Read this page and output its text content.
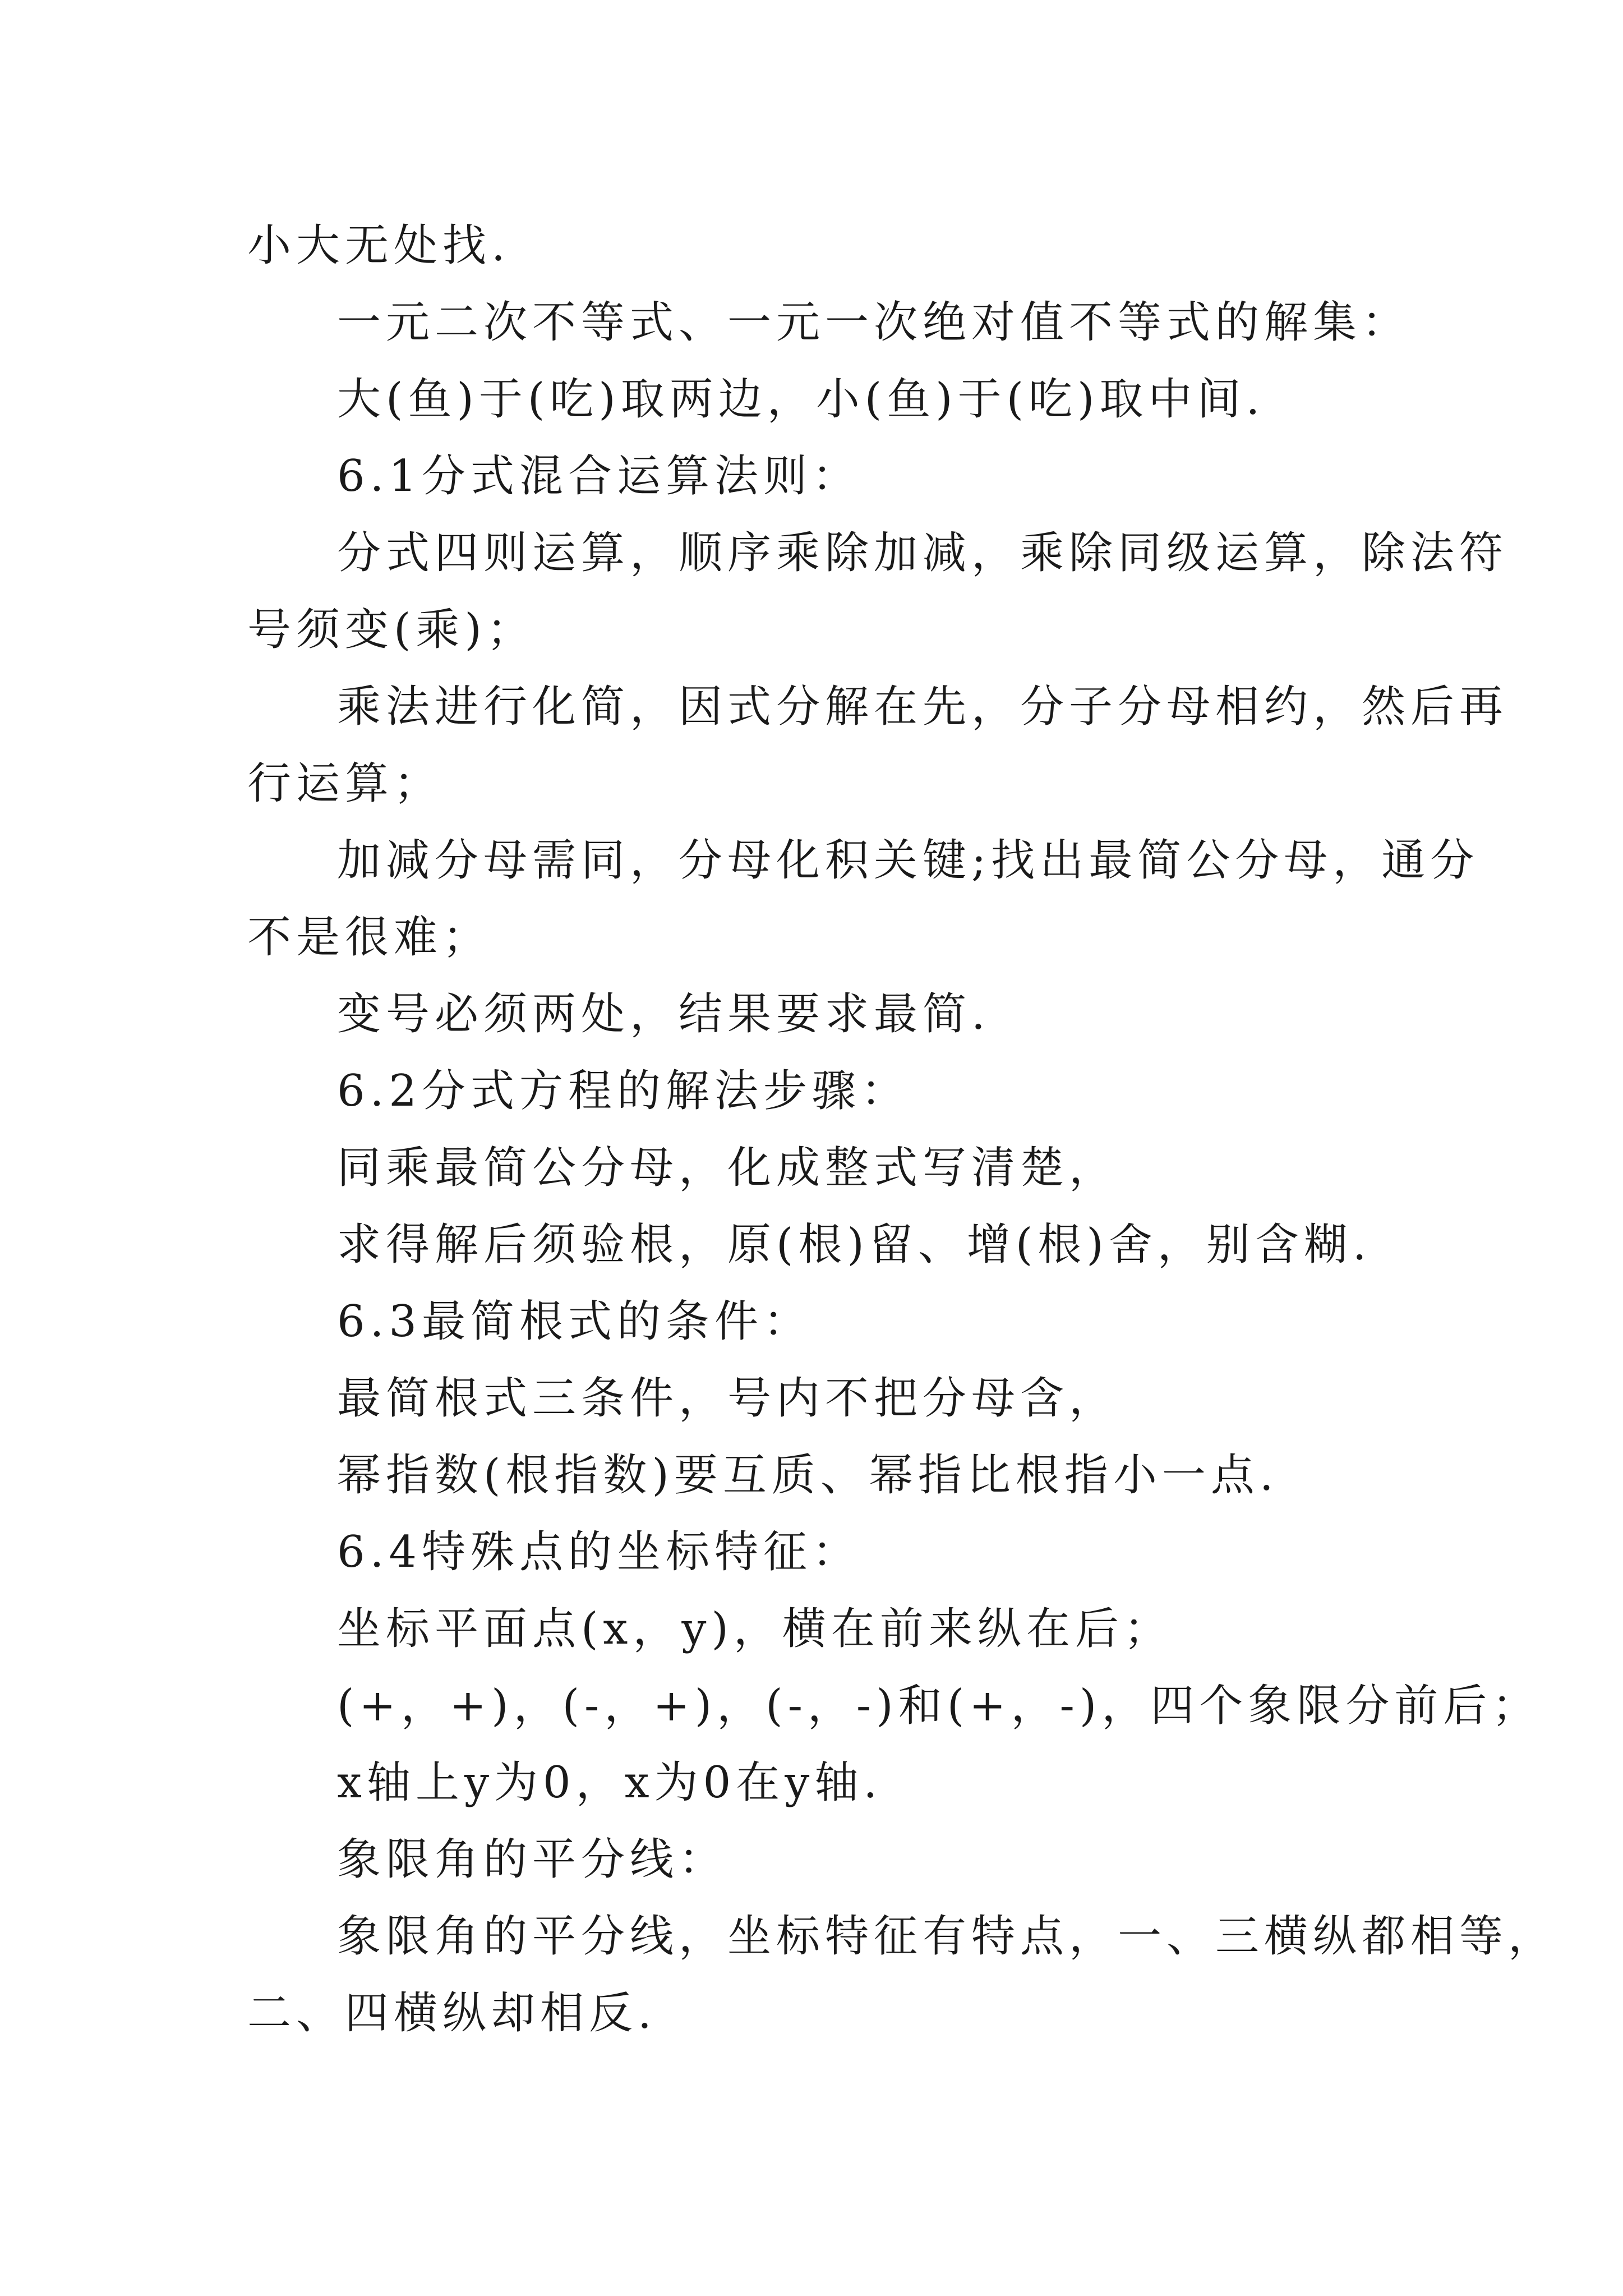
小大无处找.
一元二次不等式、一元一次绝对值不等式的解集：
大(鱼)于(吃)取两边，小(鱼)于(吃)取中间.
6.1分式混合运算法则：
分式四则运算，顺序乘除加减，乘除同级运算，除法符
号须变(乘)；
乘法进行化简，因式分解在先，分子分母相约，然后再
行运算；
加减分母需同，分母化积关键;找出最简公分母，通分
不是很难；
变号必须两处，结果要求最简.
6.2分式方程的解法步骤：
同乘最简公分母，化成整式写清楚，
求得解后须验根，原(根)留、增(根)舍，别含糊.
6.3最简根式的条件：
最简根式三条件，号内不把分母含，
幂指数(根指数)要互质、幂指比根指小一点.
6.4特殊点的坐标特征：
坐标平面点(x，y)，横在前来纵在后；
(+，+)，(-，+)，(-，-)和(+，-)，四个象限分前后；
x轴上y为0，x为0在y轴.
象限角的平分线：
象限角的平分线，坐标特征有特点，一、三横纵都相等，
二、四横纵却相反.
